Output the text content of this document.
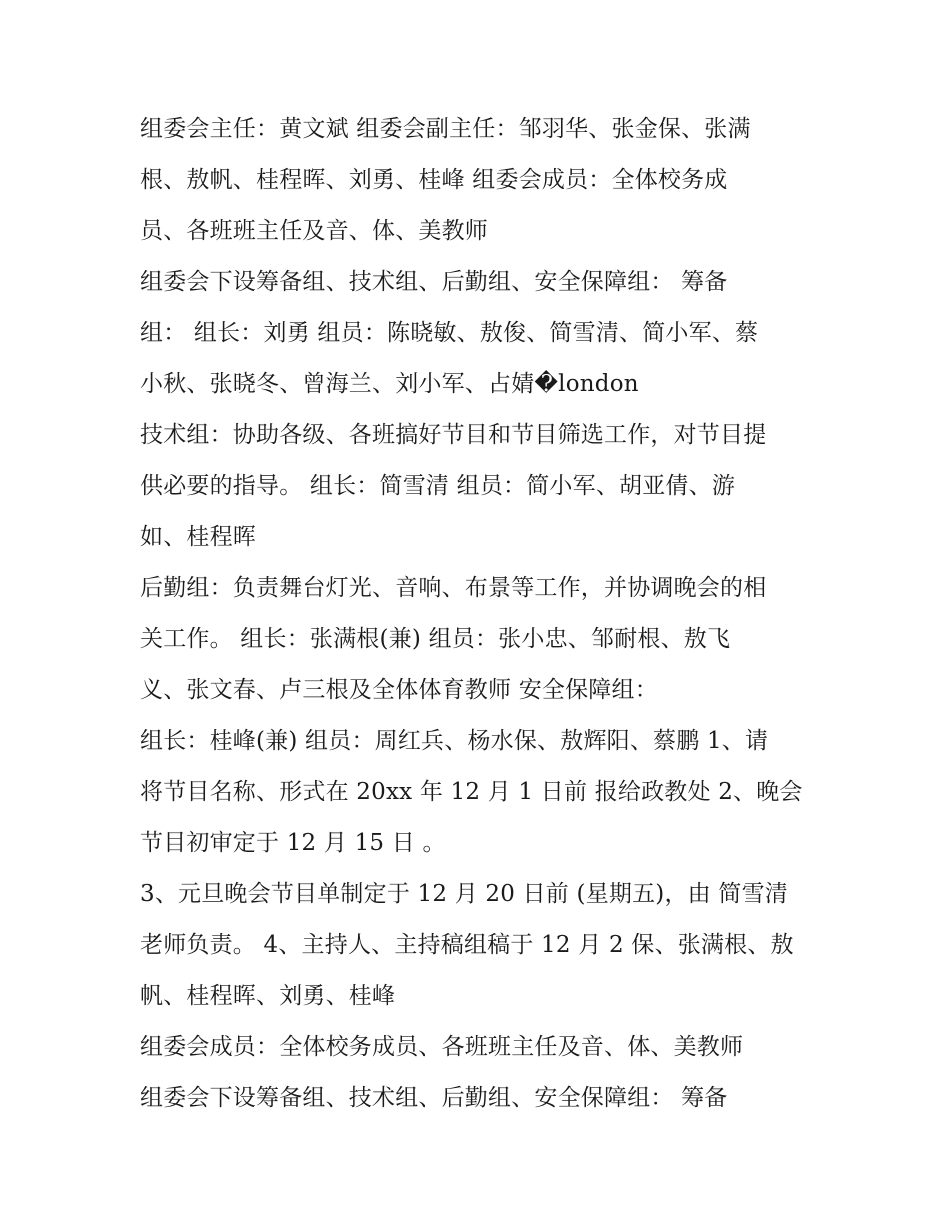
组委会主任：黄文斌 组委会副主任：邹羽华、张金保、张满
根、敖帆、桂程晖、刘勇、桂峰 组委会成员：全体校务成
员、各班班主任及音、体、美教师
组委会下设筹备组、技术组、后勤组、安全保障组： 筹备
组： 组长：刘勇 组员：陈晓敏、敖俊、简雪清、简小军、蔡
小秋、张晓冬、曾海兰、刘小军、占婧�london
技术组：协助各级、各班搞好节目和节目筛选工作，对节目提
供必要的指导。 组长：简雪清 组员：简小军、胡亚倩、游
如、桂程晖
后勤组：负责舞台灯光、音响、布景等工作，并协调晚会的相
关工作。 组长：张满根(兼) 组员：张小忠、邹耐根、敖飞
义、张文春、卢三根及全体体育教师 安全保障组：
组长：桂峰(兼) 组员：周红兵、杨水保、敖辉阳、蔡鹏 1、请
将节目名称、形式在 20xx 年 12 月 1 日前 报给政教处 2、晚会
节目初审定于 12 月 15 日 。
3、元旦晚会节目单制定于 12 月 20 日前 (星期五)，由 简雪清
老师负责。 4、主持人、主持稿组稿于 12 月 2 保、张满根、敖
帆、桂程晖、刘勇、桂峰
组委会成员：全体校务成员、各班班主任及音、体、美教师
组委会下设筹备组、技术组、后勤组、安全保障组： 筹备
